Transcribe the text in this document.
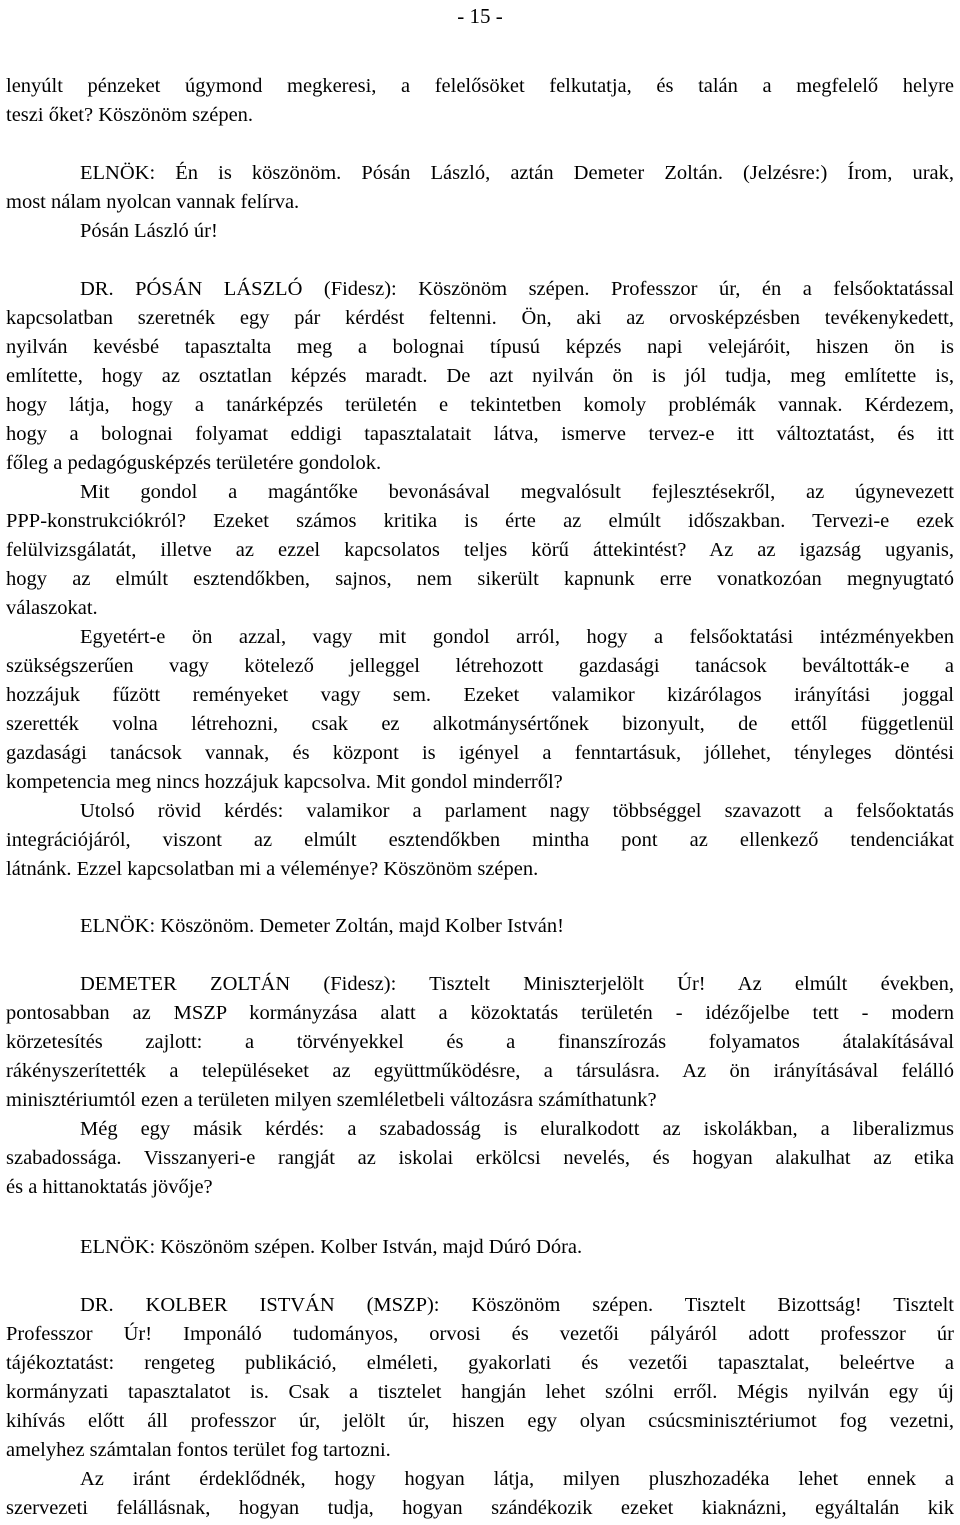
- 15 -
lenyúlt pénzeket úgymond megkeresi, a felelősöket felkutatja, és talán a megfelelő helyre
teszi őket? Köszönöm szépen.
ELNÖK: Én is köszönöm. Pósán László, aztán Demeter Zoltán. (Jelzésre:) Írom, urak,
most nálam nyolcan vannak felírva.
Pósán László úr!
DR. PÓSÁN LÁSZLÓ (Fidesz): Köszönöm szépen. Professzor úr, én a felsőoktatással
kapcsolatban szeretnék egy pár kérdést feltenni. Ön, aki az orvosképzésben tevékenykedett,
nyilván kevésbé tapasztalta meg a bolognai típusú képzés napi velejáróit, hiszen ön is
említette, hogy az osztatlan képzés maradt. De azt nyilván ön is jól tudja, meg említette is,
hogy látja, hogy a tanárképzés területén e tekintetben komoly problémák vannak. Kérdezem,
hogy a bolognai folyamat eddigi tapasztalatait látva, ismerve tervez-e itt változtatást, és itt
főleg a pedagógusképzés területére gondolok.
Mit gondol a magántőke bevonásával megvalósult fejlesztésekről, az úgynevezett
PPP-konstrukciókról? Ezeket számos kritika is érte az elmúlt időszakban. Tervezi-e ezek
felülvizsgálatát, illetve az ezzel kapcsolatos teljes körű áttekintést? Az az igazság ugyanis,
hogy az elmúlt esztendőkben, sajnos, nem sikerült kapnunk erre vonatkozóan megnyugtató
válaszokat.
Egyetért-e ön azzal, vagy mit gondol arról, hogy a felsőoktatási intézményekben
szükségszerűen vagy kötelező jelleggel létrehozott gazdasági tanácsok beváltották-e a
hozzájuk fűzött reményeket vagy sem. Ezeket valamikor kizárólagos irányítási joggal
szerették volna létrehozni, csak ez alkotmánysértőnek bizonyult, de ettől függetlenül
gazdasági tanácsok vannak, és központ is igényel a fenntartásuk, jóllehet, tényleges döntési
kompetencia meg nincs hozzájuk kapcsolva. Mit gondol minderről?
Utolsó rövid kérdés: valamikor a parlament nagy többséggel szavazott a felsőoktatás
integrációjáról, viszont az elmúlt esztendőkben mintha pont az ellenkező tendenciákat
látnánk. Ezzel kapcsolatban mi a véleménye? Köszönöm szépen.
ELNÖK: Köszönöm. Demeter Zoltán, majd Kolber István!
DEMETER ZOLTÁN (Fidesz): Tisztelt Miniszterjelölt Úr! Az elmúlt években,
pontosabban az MSZP kormányzása alatt a közoktatás területén - idézőjelbe tett - modern
körzetesítés zajlott: a törvényekkel és a finanszírozás folyamatos átalakításával
rákényszerítették a településeket az együttműködésre, a társulásra. Az ön irányításával felálló
minisztériumtól ezen a területen milyen szemléletbeli változásra számíthatunk?
Még egy másik kérdés: a szabadosság is eluralkodott az iskolákban, a liberalizmus
szabadossága. Visszanyeri-e rangját az iskolai erkölcsi nevelés, és hogyan alakulhat az etika
és a hittanoktatás jövője?
ELNÖK: Köszönöm szépen. Kolber István, majd Dúró Dóra.
DR. KOLBER ISTVÁN (MSZP): Köszönöm szépen. Tisztelt Bizottság! Tisztelt
Professzor Úr! Imponáló tudományos, orvosi és vezetői pályáról adott professzor úr
tájékoztatást: rengeteg publikáció, elméleti, gyakorlati és vezetői tapasztalat, beleértve a
kormányzati tapasztalatot is. Csak a tisztelet hangján lehet szólni erről. Mégis nyilván egy új
kihívás előtt áll professzor úr, jelölt úr, hiszen egy olyan csúcsminisztériumot fog vezetni,
amelyhez számtalan fontos terület fog tartozni.
Az iránt érdeklődnék, hogy hogyan látja, milyen pluszhozadéka lehet ennek a
szervezeti felállásnak, hogyan tudja, hogyan szándékozik ezeket kiaknázni, egyáltalán kik
